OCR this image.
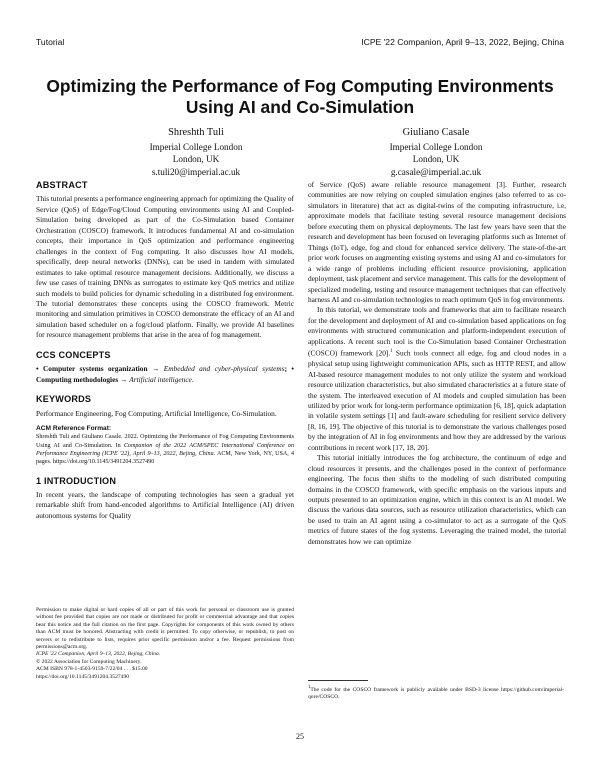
Tutorial	ICPE '22 Companion, April 9–13, 2022, Bejing, China
Optimizing the Performance of Fog Computing Environments Using AI and Co-Simulation
Shreshth Tuli
Imperial College London
London, UK
s.tuli20@imperial.ac.uk
Giuliano Casale
Imperial College London
London, UK
g.casale@imperial.ac.uk
ABSTRACT

This tutorial presents a performance engineering approach for optimizing the Quality of Service (QoS) of Edge/Fog/Cloud Computing environments using AI and Coupled-Simulation being developed as part of the Co-Simulation based Container Orchestration (COSCO) framework. It introduces fundamental AI and co-simulation concepts, their importance in QoS optimization and performance engineering challenges in the context of Fog computing. It also discusses how AI models, specifically, deep neural networks (DNNs), can be used in tandem with simulated estimates to take optimal resource management decisions. Additionally, we discuss a few use cases of training DNNs as surrogates to estimate key QoS metrics and utilize such models to build policies for dynamic scheduling in a distributed fog environment. The tutorial demonstrates these concepts using the COSCO framework. Metric monitoring and simulation primitives in COSCO demonstrate the efficacy of an AI and simulation based scheduler on a fog/cloud platform. Finally, we provide AI baselines for resource management problems that arise in the area of fog management.

CCS CONCEPTS

• Computer systems organization → Embedded and cyber-physical systems; • Computing methodologies → Artificial intelligence.

KEYWORDS

Performance Engineering, Fog Computing, Artificial Intelligence, Co-Simulation.

ACM Reference Format:

Shreshth Tuli and Giuliano Casale. 2022. Optimizing the Performance of Fog Computing Environments Using AI and Co-Simulation. In Companion of the 2022 ACM/SPEC International Conference on Performance Engineering (ICPE '22), April 9–13, 2022, Bejing, China. ACM, New York, NY, USA, 4 pages. https://doi.org/10.1145/3491204.3527490

1 INTRODUCTION

In recent years, the landscape of computing technologies has seen a gradual yet remarkable shift from hand-encoded algorithms to Artificial Intelligence (AI) driven autonomous systems for Quality

Permission to make digital or hard copies of all or part of this work for personal or classroom use is granted without fee provided that copies are not made or distributed for profit or commercial advantage and that copies bear this notice and the full citation on the first page. Copyrights for components of this work owned by others than ACM must be honored. Abstracting with credit is permitted. To copy otherwise, or republish, to post on servers or to redistribute to lists, requires prior specific permission and/or a fee. Request permissions from permissions@acm.org.

ICPE '22 Companion, April 9–13, 2022, Bejing, China.
© 2022 Association for Computing Machinery.
ACM ISBN 978-1-4503-9159-7/22/04 . . . $15.00
https://doi.org/10.1145/3491204.3527490

of Service (QoS) aware reliable resource management [3]. Further, research communities are now relying on coupled simulation engines (also referred to as co-simulators in literature) that act as digital-twins of the computing infrastructure, i.e, approximate models that facilitate testing several resource management decisions before executing them on physical deployments. The last few years have seen that the research and development has been focused on leveraging platforms such as Internet of Things (IoT), edge, fog and cloud for enhanced service delivery. The state-of-the-art prior work focuses on augmenting existing systems and using AI and co-simulators for a wide range of problems including efficient resource provisioning, application deployment, task placement and service management. This calls for the development of specialized modeling, testing and resource management techniques that can effectively harness AI and co-simulation technologies to reach optimum QoS in fog environments.

In this tutorial, we demonstrate tools and frameworks that aim to facilitate research for the development and deployment of AI and co-simulation based applications on fog environments with structured communication and platform-independent execution of applications. A recent such tool is the Co-Simulation based Container Orchestration (COSCO) framework [20].$^1$ Such tools connect all edge, fog and cloud nodes in a physical setup using lightweight communication APIs, such as HTTP REST, and allow AI-based resource management modules to not only utilize the system and workload resource utilization characteristics, but also simulated characteristics at a future state of the system. The interleaved execution of AI models and coupled simulation has been utilized by prior work for long-term performance optimization [6, 18], quick adaptation in volatile system settings [1] and fault-aware scheduling for resilient service delivery [8, 16, 19]. The objective of this tutorial is to demonstrate the various challenges posed by the integration of AI in fog environments and how they are addressed by the various contributions in recent work [17, 18, 20].

This tutorial initially introduces the fog architecture, the continuum of edge and cloud resources it presents, and the challenges posed in the context of performance engineering. The focus then shifts to the modeling of such distributed computing domains in the COSCO framework, with specific emphasis on the various inputs and outputs presented to an optimization engine, which in this context is an AI model. We discuss the various data sources, such as resource utilization characteristics, which can be used to train an AI agent using a co-simulator to act as a surrogate of the QoS metrics of future states of the fog systems. Leveraging the trained model, the tutorial demonstrates how we can optimize

$^1$The code for the COSCO framework is publicly available under BSD-3 license https://github.com/imperial-qore/COSCO.

25
